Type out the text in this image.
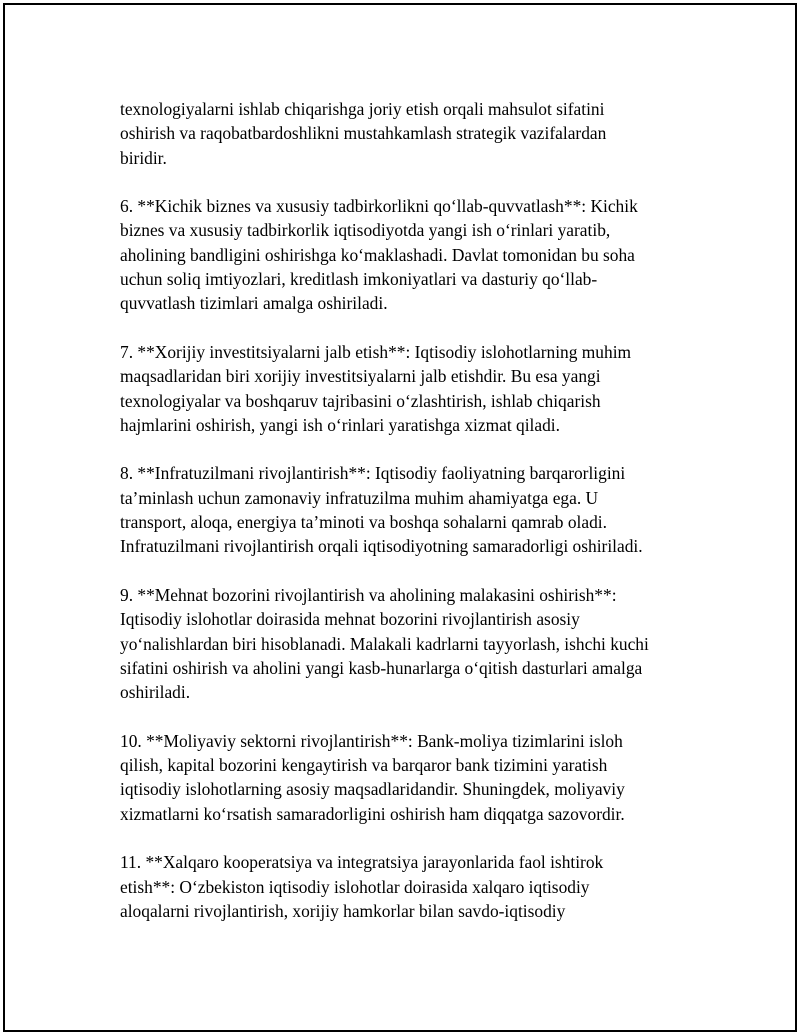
texnologiyalarni ishlab chiqarishga joriy etish orqali mahsulot sifatini
oshirish va raqobatbardoshlikni mustahkamlash strategik vazifalardan
biridir.

6. **Kichik biznes va xususiy tadbirkorlikni qo‘llab-quvvatlash**: Kichik
biznes va xususiy tadbirkorlik iqtisodiyotda yangi ish o‘rinlari yaratib,
aholining bandligini oshirishga ko‘maklashadi. Davlat tomonidan bu soha
uchun soliq imtiyozlari, kreditlash imkoniyatlari va dasturiy qo‘llab-
quvvatlash tizimlari amalga oshiriladi.

7. **Xorijiy investitsiyalarni jalb etish**: Iqtisodiy islohotlarning muhim
maqsadlaridan biri xorijiy investitsiyalarni jalb etishdir. Bu esa yangi
texnologiyalar va boshqaruv tajribasini o‘zlashtirish, ishlab chiqarish
hajmlarini oshirish, yangi ish o‘rinlari yaratishga xizmat qiladi.

8. **Infratuzilmani rivojlantirish**: Iqtisodiy faoliyatning barqarorligini
ta’minlash uchun zamonaviy infratuzilma muhim ahamiyatga ega. U
transport, aloqa, energiya ta’minoti va boshqa sohalarni qamrab oladi.
Infratuzilmani rivojlantirish orqali iqtisodiyotning samaradorligi oshiriladi.

9. **Mehnat bozorini rivojlantirish va aholining malakasini oshirish**:
Iqtisodiy islohotlar doirasida mehnat bozorini rivojlantirish asosiy
yo‘nalishlardan biri hisoblanadi. Malakali kadrlarni tayyorlash, ishchi kuchi
sifatini oshirish va aholini yangi kasb-hunarlarga o‘qitish dasturlari amalga
oshiriladi.

10. **Moliyaviy sektorni rivojlantirish**: Bank-moliya tizimlarini isloh
qilish, kapital bozorini kengaytirish va barqaror bank tizimini yaratish
iqtisodiy islohotlarning asosiy maqsadlaridandir. Shuningdek, moliyaviy
xizmatlarni ko‘rsatish samaradorligini oshirish ham diqqatga sazovordir.

11. **Xalqaro kooperatsiya va integratsiya jarayonlarida faol ishtirok
etish**: O‘zbekiston iqtisodiy islohotlar doirasida xalqaro iqtisodiy
aloqalarni rivojlantirish, xorijiy hamkorlar bilan savdo-iqtisodiy
